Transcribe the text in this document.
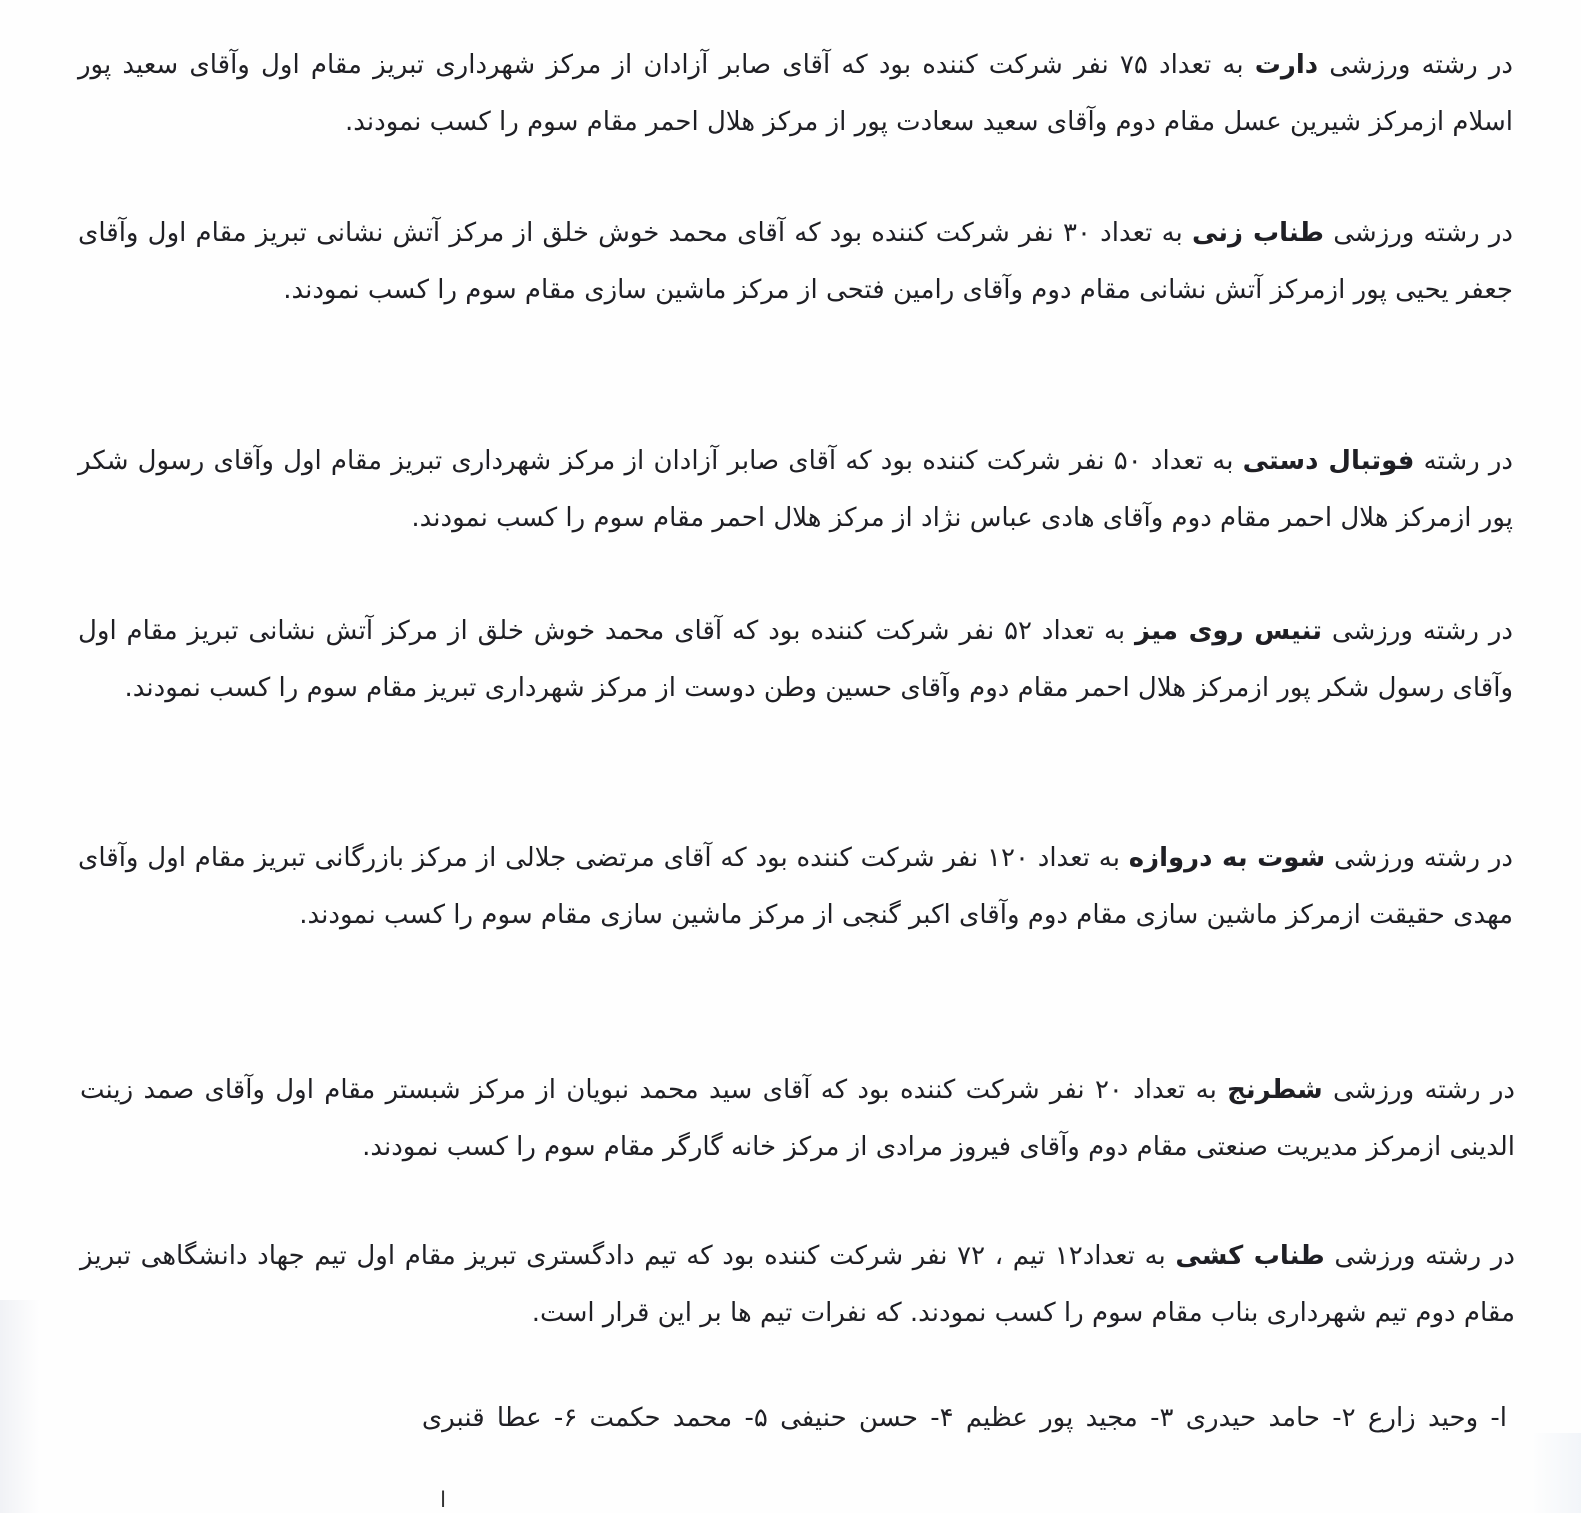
در رشته ورزشی دارت به تعداد ۷۵ نفر شرکت کننده بود که آقای صابر آزادان از مرکز شهرداری تبریز مقام اول وآقای سعید پور اسلام ازمرکز شیرین عسل مقام دوم وآقای سعید سعادت پور از مرکز هلال احمر مقام سوم را کسب نمودند.

در رشته ورزشی طناب زنی به تعداد ۳۰ نفر شرکت کننده بود که آقای محمد خوش خلق از مرکز آتش نشانی تبریز مقام اول وآقای جعفر یحیی پور ازمرکز آتش نشانی مقام دوم وآقای رامین فتحی از مرکز ماشین سازی مقام سوم را کسب نمودند.

در رشته فوتبال دستی به تعداد ۵۰ نفر شرکت کننده بود که آقای صابر آزادان از مرکز شهرداری تبریز مقام اول وآقای رسول شکر پور ازمرکز هلال احمر مقام دوم وآقای هادی عباس نژاد از مرکز هلال احمر مقام سوم را کسب نمودند.

در رشته ورزشی تنیس روی میز به تعداد ۵۲ نفر شرکت کننده بود که آقای محمد خوش خلق از مرکز آتش نشانی تبریز مقام اول وآقای رسول شکر پور ازمرکز هلال احمر مقام دوم وآقای حسین وطن دوست از مرکز شهرداری تبریز مقام سوم را کسب نمودند.

در رشته ورزشی شوت به دروازه به تعداد ۱۲۰ نفر شرکت کننده بود که آقای مرتضی جلالی از مرکز بازرگانی تبریز مقام اول وآقای مهدی حقیقت ازمرکز ماشین سازی مقام دوم وآقای اکبر گنجی از مرکز ماشین سازی مقام سوم را کسب نمودند.

در رشته ورزشی شطرنج به تعداد ۲۰ نفر شرکت کننده بود که آقای سید محمد نبویان از مرکز شبستر مقام اول وآقای صمد زینت الدینی ازمرکز مدیریت صنعتی مقام دوم وآقای فیروز مرادی از مرکز خانه گارگر مقام سوم را کسب نمودند.

در رشته ورزشی طناب کشی به تعداد۱۲ تیم ، ۷۲ نفر شرکت کننده بود که تیم دادگستری تبریز مقام اول تیم جهاد دانشگاهی تبریز مقام دوم تیم شهرداری بناب مقام سوم را کسب نمودند. که نفرات تیم ها بر این قرار است.

ا- وحید زارع ۲- حامد حیدری ۳- مجید پور عظیم ۴- حسن حنیفی ۵- محمد حکمت ۶- عطا قنبری

ا
